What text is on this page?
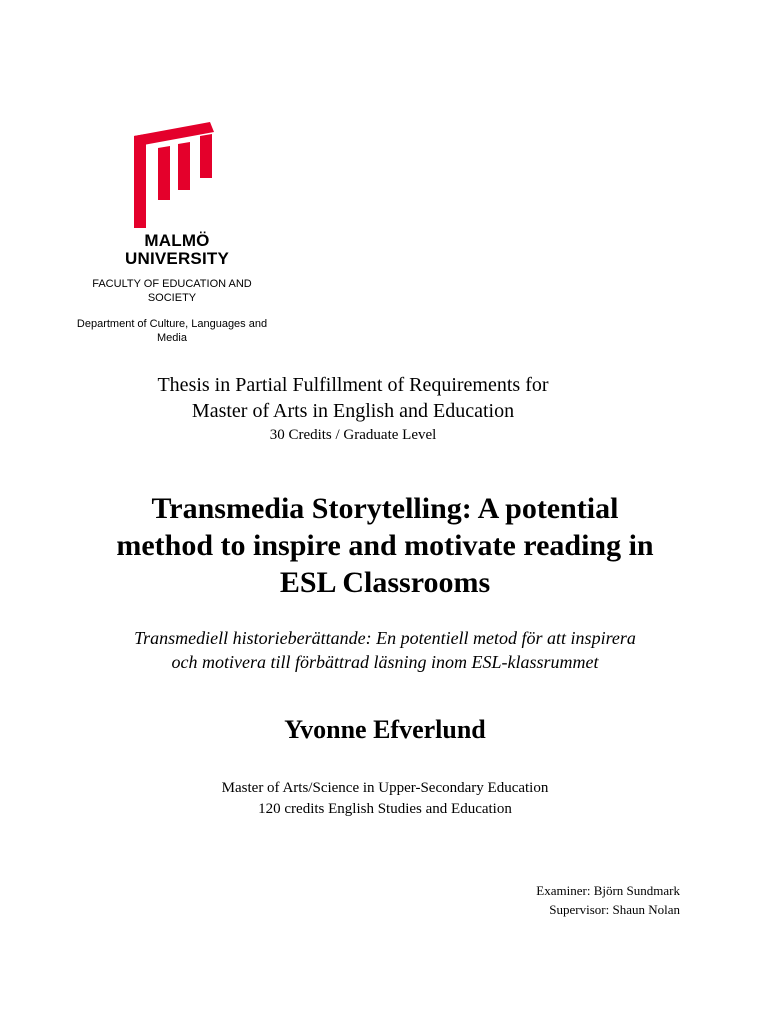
MALMÖ
UNIVERSITY
FACULTY OF EDUCATION AND
SOCIETY
Department of Culture, Languages and
Media
Thesis in Partial Fulfillment of Requirements for
Master of Arts in English and Education
30 Credits / Graduate Level
Transmedia Storytelling: A potential
method to inspire and motivate reading in
ESL Classrooms
Transmediell historieberättande: En potentiell metod för att inspirera
och motivera till förbättrad läsning inom ESL-klassrummet
Yvonne Efverlund
Master of Arts/Science in Upper-Secondary Education
120 credits English Studies and Education
Examiner: Björn Sundmark
Supervisor: Shaun Nolan
